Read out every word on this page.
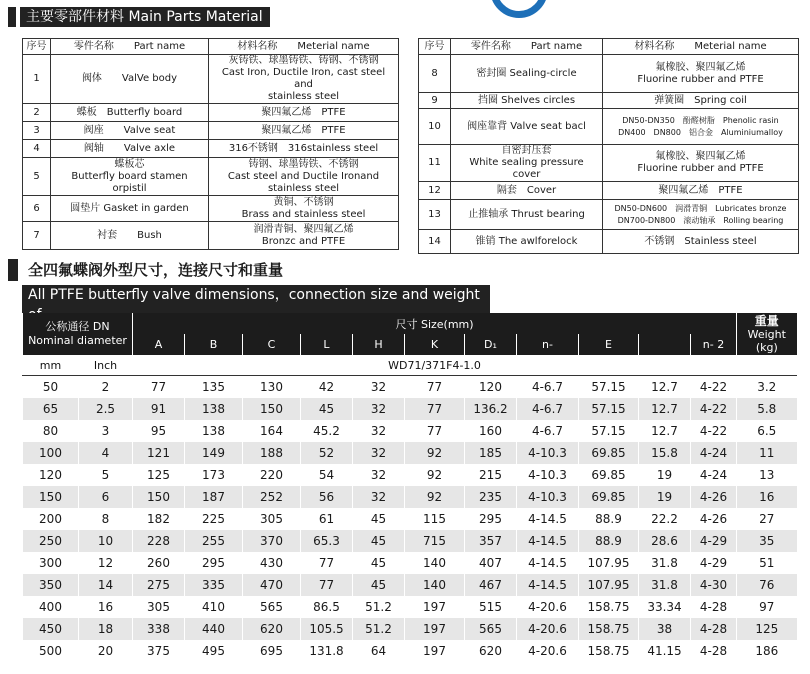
主要零部件材料 Main Parts Material
序号	零件名称　　Part name	材料名称　　Meterial name
1	阀体　　ValVe body	灰铸铁、球墨铸铁、铸钢、不锈钢
Cast Iron, Ductile Iron, cast steel and
stainless steel
2	蝶板　Butterfly board	聚四氟乙烯　PTFE
3	阀座　　Valve seat	聚四氟乙烯　PTFE
4	阀轴　　Valve axle	316不锈钢　316stainless steel
5	蝶板芯
Butterfly board stamen orpistil	铸钢、球墨铸铁、不锈钢
Cast steel and Ductile Ironand
stainless steel
6	圆垫片 Gasket in garden	黄铜、不锈钢
Brass and stainless steel
7	衬套　　Bush	润滑青铜、聚四氟乙烯
Bronzc and PTFE
序号	零件名称　　Part name	材料名称　　Meterial name
8	密封圈 Sealing-circle	氟橡胶、聚四氟乙烯
Fluorine rubber and PTFE
9	挡圈 Shelves circles	弹簧圈　Spring coil
10	阀座靠背 Valve seat bacl	DN50-DN350　酚醛树脂　Phenolic rasin
DN400　DN800　铝合金　Aluminiumalloy
11	自密封压套
White sealing pressure
cover	氟橡胶、聚四氟乙烯
Fluorine rubber and PTFE
12	隔套　Cover	聚四氟乙烯　PTFE
13	止推轴承 Thrust bearing	DN50-DN600　润滑青铜　Lubricates bronze
DN700-DN800　滚动轴承　Rolling bearing
14	锥销 The awlforelock	不锈钢　Stainless steel
全四氟蝶阀外型尺寸，连接尺寸和重量
All PTFE butterfly valve dimensions，connection size and weight
公称通径 DN
Nominal diameter		尺寸 Size(mm)											重量
Weight
(kg)
		A	B	C	L	H	K	D₁	n-	E		n- 2	
mm	Inch	WD71/371F4-1.0											
50	2	77	135	130	42	32	77	120	4-6.7	57.15	12.7	4-22	3.2
65	2.5	91	138	150	45	32	77	136.2	4-6.7	57.15	12.7	4-22	5.8
80	3	95	138	164	45.2	32	77	160	4-6.7	57.15	12.7	4-22	6.5
100	4	121	149	188	52	32	92	185	4-10.3	69.85	15.8	4-24	11
120	5	125	173	220	54	32	92	215	4-10.3	69.85	19	4-24	13
150	6	150	187	252	56	32	92	235	4-10.3	69.85	19	4-26	16
200	8	182	225	305	61	45	115	295	4-14.5	88.9	22.2	4-26	27
250	10	228	255	370	65.3	45	715	357	4-14.5	88.9	28.6	4-29	35
300	12	260	295	430	77	45	140	407	4-14.5	107.95	31.8	4-29	51
350	14	275	335	470	77	45	140	467	4-14.5	107.95	31.8	4-30	76
400	16	305	410	565	86.5	51.2	197	515	4-20.6	158.75	33.34	4-28	97
450	18	338	440	620	105.5	51.2	197	565	4-20.6	158.75	38	4-28	125
500	20	375	495	695	131.8	64	197	620	4-20.6	158.75	41.15	4-28	186
